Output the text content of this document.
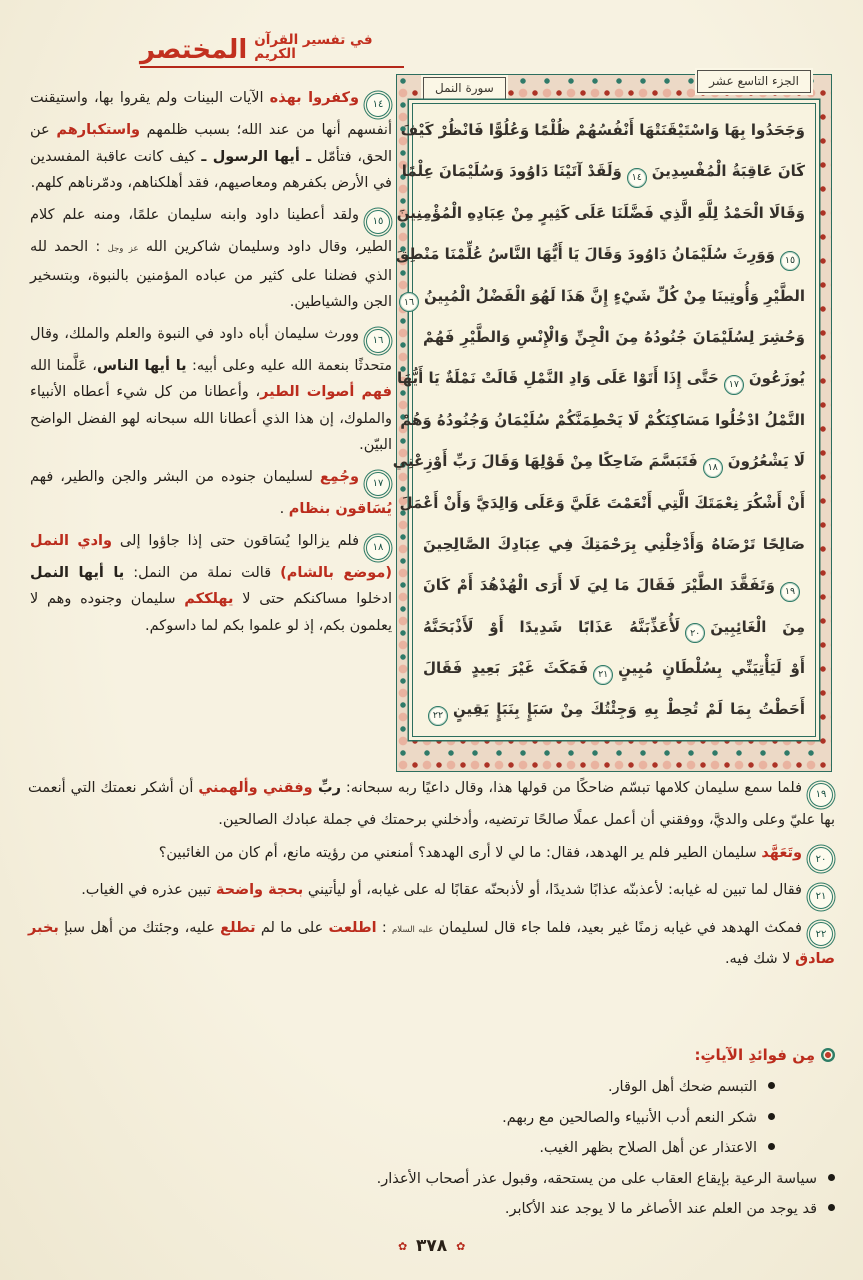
المختصر في تفسير القرآن الكريم
الجزء التاسع عشر
سورة النمل
وَجَحَدُوا بِهَا وَاسْتَيْقَنَتْهَا أَنْفُسُهُمْ ظُلْمًا وَعُلُوًّا فَانْظُرْ كَيْفَ
كَانَ عَاقِبَةُ الْمُفْسِدِينَ١٤وَلَقَدْ آتَيْنَا دَاوُودَ وَسُلَيْمَانَ عِلْمًا
وَقَالَا الْحَمْدُ لِلَّهِ الَّذِي فَضَّلَنَا عَلَى كَثِيرٍ مِنْ عِبَادِهِ الْمُؤْمِنِينَ
١٥وَوَرِثَ سُلَيْمَانُ دَاوُودَ وَقَالَ يَا أَيُّهَا النَّاسُ عُلِّمْنَا مَنْطِقَ
الطَّيْرِ وَأُوتِينَا مِنْ كُلِّ شَيْءٍ إِنَّ هَذَا لَهُوَ الْفَضْلُ الْمُبِينُ١٦
وَحُشِرَ لِسُلَيْمَانَ جُنُودُهُ مِنَ الْجِنِّ وَالْإِنْسِ وَالطَّيْرِ فَهُمْ
يُوزَعُونَ١٧حَتَّى إِذَا أَتَوْا عَلَى وَادِ النَّمْلِ قَالَتْ نَمْلَةٌ يَا أَيُّهَا
النَّمْلُ ادْخُلُوا مَسَاكِنَكُمْ لَا يَحْطِمَنَّكُمْ سُلَيْمَانُ وَجُنُودُهُ وَهُمْ
لَا يَشْعُرُونَ١٨فَتَبَسَّمَ ضَاحِكًا مِنْ قَوْلِهَا وَقَالَ رَبِّ أَوْزِعْنِي
أَنْ أَشْكُرَ نِعْمَتَكَ الَّتِي أَنْعَمْتَ عَلَيَّ وَعَلَى وَالِدَيَّ وَأَنْ أَعْمَلَ
صَالِحًا تَرْضَاهُ وَأَدْخِلْنِي بِرَحْمَتِكَ فِي عِبَادِكَ الصَّالِحِينَ
١٩وَتَفَقَّدَ الطَّيْرَ فَقَالَ مَا لِيَ لَا أَرَى الْهُدْهُدَ أَمْ كَانَ
مِنَ الْغَائِبِينَ٢٠لَأُعَذِّبَنَّهُ عَذَابًا شَدِيدًا أَوْ لَأَذْبَحَنَّهُ
أَوْ لَيَأْتِيَنِّي بِسُلْطَانٍ مُبِينٍ٢١فَمَكَثَ غَيْرَ بَعِيدٍ فَقَالَ
أَحَطْتُ بِمَا لَمْ تُحِطْ بِهِ وَجِئْتُكَ مِنْ سَبَإٍ بِنَبَإٍ يَقِينٍ٢٢
١٤وكفروا بهذه الآيات البينات ولم يقروا بها، واستيقنت أنفسهم أنها من عند الله؛ بسبب ظلمهم واستكبارهم عن الحق، فتأمّل ـ أيها الرسول ـ كيف كانت عاقبة المفسدين في الأرض بكفرهم ومعاصيهم، فقد أهلكناهم، ودمّرناهم كلهم.
١٥ولقد أعطينا داود وابنه سليمان علمًا، ومنه علم كلام الطير، وقال داود وسليمان شاكرين الله عز وجل : الحمد لله الذي فضلنا على كثير من عباده المؤمنين بالنبوة، وبتسخير الجن والشياطين.
١٦وورث سليمان أباه داود في النبوة والعلم والملك، وقال متحدثًا بنعمة الله عليه وعلى أبيه: يا أيها الناس، عَلَّمنا الله فهم أصوات الطير، وأعطانا من كل شيء أعطاه الأنبياء والملوك، إن هذا الذي أعطانا الله سبحانه لهو الفضل الواضح البيّن.
١٧وجُمِع لسليمان جنوده من البشر والجن والطير، فهم يُسَاقون بنظام .
١٨فلم يزالوا يُسَاقون حتى إذا جاؤوا إلى وادي النمل (موضع بالشام) قالت نملة من النمل: يا أيها النمل ادخلوا مساكنكم حتى لا يهلككم سليمان وجنوده وهم لا يعلمون بكم، إذ لو علموا بكم لما داسوكم.
١٩فلما سمع سليمان كلامها تبسّم ضاحكًا من قولها هذا، وقال داعيًا ربه سبحانه: ربِّ وفقني وألهمني أن أشكر نعمتك التي أنعمت بها عليّ وعلى والديَّ، ووفقني أن أعمل عملًا صالحًا ترتضيه، وأدخلني برحمتك في جملة عبادك الصالحين.
٢٠وتَعَهَّد سليمان الطير فلم ير الهدهد، فقال: ما لي لا أرى الهدهد؟ أمنعني من رؤيته مانع، أم كان من الغائبين؟
٢١فقال لما تبين له غيابه: لأعذبنّه عذابًا شديدًا، أو لأذبحنّه عقابًا له على غيابه، أو ليأتيني بحجة واضحة تبين عذره في الغياب.
٢٢فمكث الهدهد في غيابه زمنًا غير بعيد، فلما جاء قال لسليمان عليه السلام : اطلعت على ما لم تطلع عليه، وجئتك من أهل سبإ بخبر صادق لا شك فيه.
مِن فوائدِ الآياتِ:
التبسم ضحك أهل الوقار.
شكر النعم أدب الأنبياء والصالحين مع ربهم.
الاعتذار عن أهل الصلاح بظهر الغيب.
سياسة الرعية بإيقاع العقاب على من يستحقه، وقبول عذر أصحاب الأعذار.
قد يوجد من العلم عند الأصاغر ما لا يوجد عند الأكابر.
✿
٣٧٨
✿
